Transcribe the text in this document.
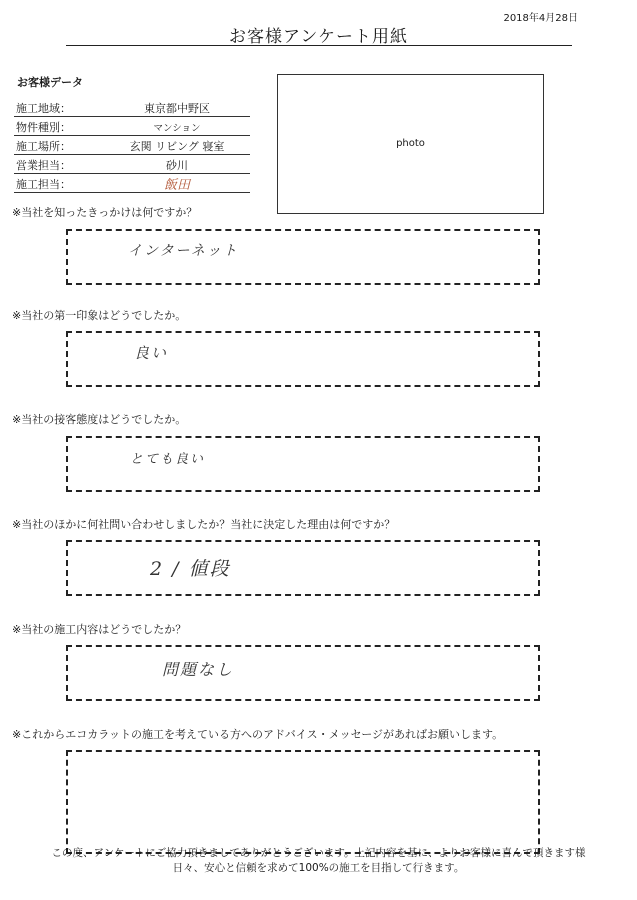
2018年4月28日
お客様アンケート用紙
お客様データ
施工地域：	東京都中野区
物件種別：	マンション
施工場所：	玄関 リビング 寝室
営業担当：	砂川
施工担当：	飯田
photo
※当社を知ったきっかけは何ですか？
インターネット
※当社の第一印象はどうでしたか。
良い
※当社の接客態度はどうでしたか。
とても良い
※当社のほかに何社問い合わせしましたか？当社に決定した理由は何ですか？
2 / 値段
※当社の施工内容はどうでしたか？
問題なし
※これからエコカラットの施工を考えている方へのアドバイス・メッセージがあればお願いします。
この度、アンケートにご協力頂きましてありがとうございます。上記内容を基に、よりお客様に喜んで頂きます様
日々、安心と信頼を求めて100%の施工を目指して行きます。
